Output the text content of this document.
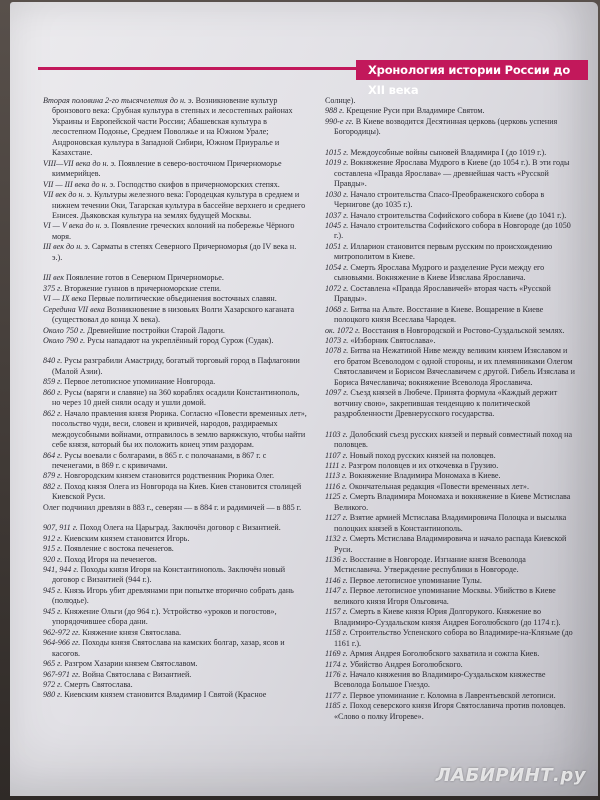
Хронология истории России до XII века

Вторая половина 2-го тысячелетия до н. э. Возникновение культур бронзового века: Срубная культура в степных и лесостепных районах Украины и Европейской части России; Абашевская культура в лесостепном Подонье, Среднем Поволжье и на Южном Урале; Андроновская культура в Западной Сибири, Южном Приуралье и Казахстане.

VIII—VII века до н. э. Появление в северо-восточном Причерноморье киммерийцев.

VII — III века до н. э. Господство скифов в причерноморских степях.

VII век до н. э. Культуры железного века: Городецкая культура в среднем и нижнем течении Оки, Тагарская культура в бассейне верхнего и среднего Енисея. Дьяковская культура на землях будущей Москвы.

VI — V века до н. э. Появление греческих колоний на побережье Чёрного моря.

III век до н. э. Сарматы в степях Северного Причерноморья (до IV века н. э.).

III век Появление готов в Северном Причерноморье.

375 г. Вторжение гуннов в причерноморские степи.

VI — IX века Первые политические объединения восточных славян.

Середина VII века Возникновение в низовьях Волги Хазарского каганата (существовал до конца X века).

Около 750 г. Древнейшие постройки Старой Ладоги.

Около 790 г. Русы нападают на укреплённый город Сурож (Судак).

840 г. Русы разграбили Амастриду, богатый торговый город в Пафлагонии (Малой Азии).

859 г. Первое летописное упоминание Новгорода.

860 г. Русы (варяги и славяне) на 360 кораблях осадили Константинополь, но через 10 дней сняли осаду и ушли домой.

862 г. Начало правления князя Рюрика. Согласно «Повести временных лет», посольство чуди, веси, словен и кривичей, народов, раздираемых междоусобными войнами, отправилось в землю варяжскую, чтобы найти себе князя, который бы их положить конец этим раздорам.

864 г. Русы воевали с болгарами, в 865 г. с полочанами, в 867 г. с печенегами, в 869 г. с кривичами.

879 г. Новгородским князем становится родственник Рюрика Олег.

882 г. Поход князя Олега из Новгорода на Киев. Киев становится столицей Киевской Руси.

Олег подчинил древлян в 883 г., северян — в 884 г. и радимичей — в 885 г.

907, 911 г. Поход Олега на Царьград. Заключён договор с Византией.

912 г. Киевским князем становится Игорь.

915 г. Появление с востока печенегов.

920 г. Поход Игоря на печенегов.

941, 944 г. Походы князя Игоря на Константинополь. Заключён новый договор с Византией (944 г.).

945 г. Князь Игорь убит древлянами при попытке вторично собрать дань (полюдье).

945 г. Княжение Ольги (до 964 г.). Устройство «уроков и погостов», упорядочившее сбора дани.

962-972 гг. Княжение князя Святослава.

964-966 гг. Походы князя Святослава на камских болгар, хазар, ясов и касогов.

965 г. Разгром Хазарии князем Святославом.

967-971 гг. Война Святослава с Византией.

972 г. Смерть Святослава.

980 г. Киевским князем становится Владимир I Святой (Красное

Солнце).

988 г. Крещение Руси при Владимире Святом.

990-е гг. В Киеве возводится Десятинная церковь (церковь успения Богородицы).

1015 г. Междоусобные войны сыновей Владимира I (до 1019 г.).

1019 г. Вокняжение Ярослава Мудрого в Киеве (до 1054 г.). В эти годы составлена «Правда Ярослава» — древнейшая часть «Русской Правды».

1030 г. Начало строительства Спасо-Преображенского собора в Чернигове (до 1035 г.).

1037 г. Начало строительства Софийского собора в Киеве (до 1041 г.).

1045 г. Начало строительства Софийского собора в Новгороде (до 1050 г.).

1051 г. Илларион становится первым русским по происхождению митрополитом в Киеве.

1054 г. Смерть Ярослава Мудрого и разделение Руси между его сыновьями. Вокняжение в Киеве Изяслава Ярославича.

1072 г. Составлена «Правда Ярославичей» вторая часть «Русской Правды».

1068 г. Битва на Альте. Восстание в Киеве. Вощарение в Киеве полоцкого князя Всеслава Чародея.

ок. 1072 г. Восстания в Новгородской и Ростово-Суздальской землях.

1073 г. «Изборник Святослава».

1078 г. Битва на Нежатиной Ниве между великим князем Изяславом и его братом Всеволодом с одной стороны, и их племянниками Олегом Святославичем и Борисом Вячеславичем с другой. Гибель Изяслава и Бориса Вячеславича; вокняжение Всеволода Ярославича.

1097 г. Съезд князей в Любече. Принята формула «Каждый держит вотчину свою», закрепившая тенденцию к политической раздробленности Древнерусского государства.

1103 г. Долобский съезд русских князей и первый совместный поход на половцев.

1107 г. Новый поход русских князей на половцев.

1111 г. Разгром половцев и их откочевка в Грузию.

1113 г. Вокняжение Владимира Мономаха в Киеве.

1116 г. Окончательная редакция «Повести временных лет».

1125 г. Смерть Владимира Мономаха и вокняжение в Киеве Мстислава Великого.

1127 г. Взятие армией Мстислава Владимировича Полоцка и высылка полоцких князей в Константинополь.

1132 г. Смерть Мстислава Владимировича и начало распада Киевской Руси.

1136 г. Восстание в Новгороде. Изгнание князя Всеволода Мстиславича. Утверждение республики в Новгороде.

1146 г. Первое летописное упоминание Тулы.

1147 г. Первое летописное упоминание Москвы. Убийство в Киеве великого князя Игоря Ольговича.

1157 г. Смерть в Киеве князя Юрия Долгорукого. Княжение во Владимиро-Суздальском князя Андрея Боголюбского (до 1174 г.).

1158 г. Строительство Успенского собора во Владимире-на-Клязьме (до 1161 г.).

1169 г. Армия Андрея Боголюбского захватила и сожгла Киев.

1174 г. Убийство Андрея Боголюбского.

1176 г. Начало княжения во Владимиро-Суздальском княжестве Всеволода Большое Гнездо.

1177 г. Первое упоминание г. Коломна в Лаврентьевской летописи.

1185 г. Поход северского князя Игоря Святославича против половцев. «Слово о полку Игореве».

ЛАБИРИНТ.ру
